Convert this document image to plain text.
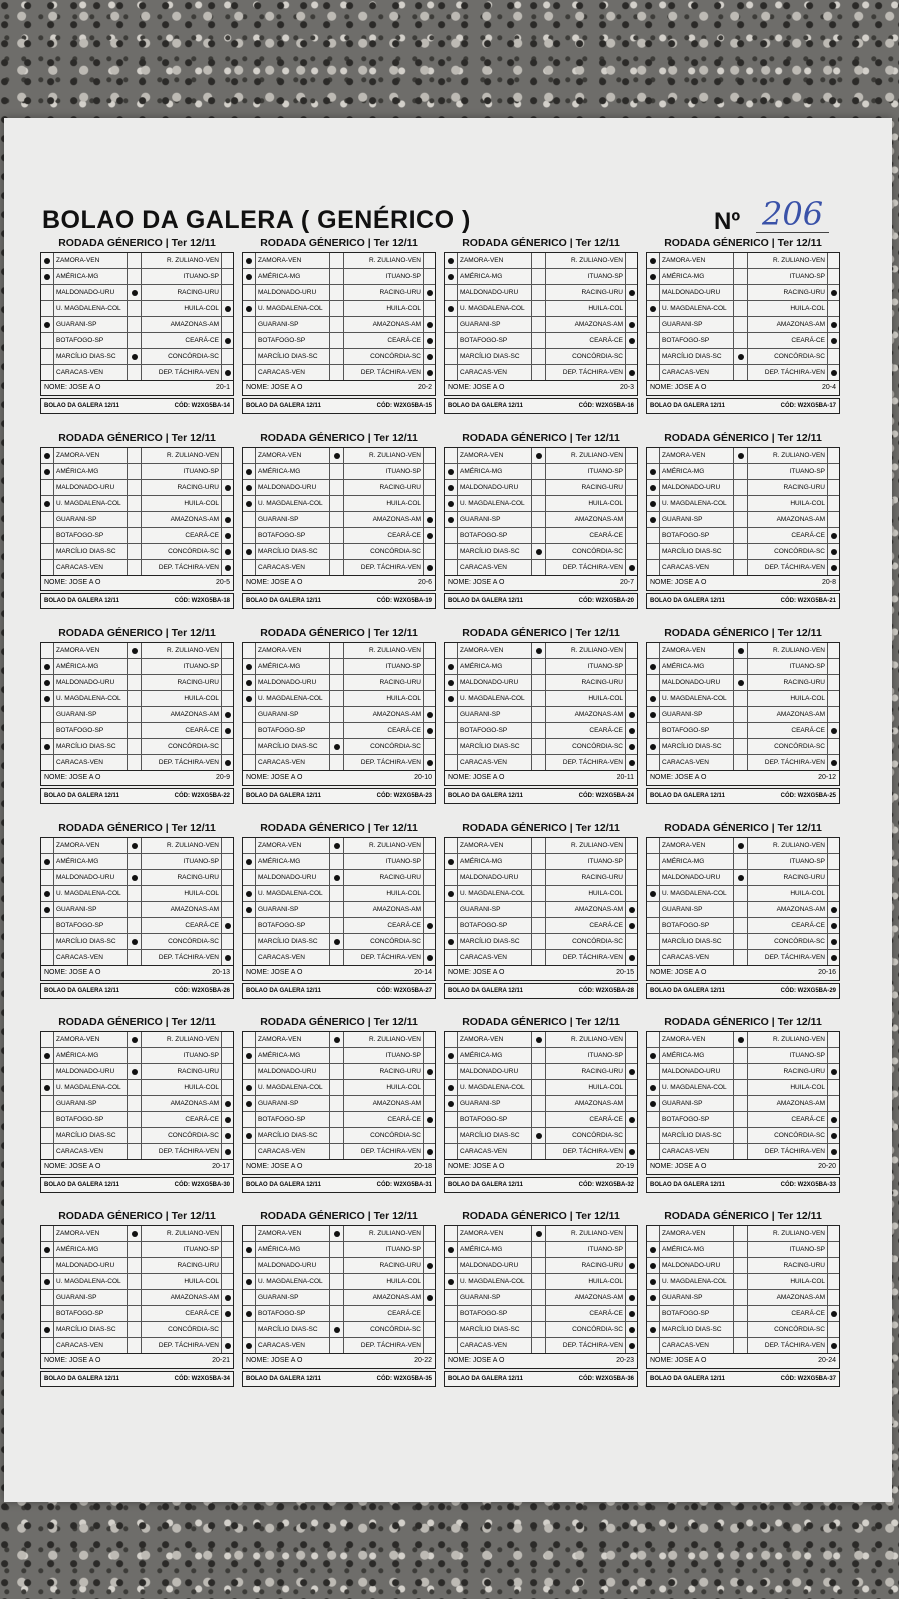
BOLAO DA GALERA ( GENÉRICO )	Nº 206
RODADA GÉNERICO | Ter 12/11
ZAMORA-VEN	R. ZULIANO-VEN
AMÉRICA-MG	ITUANO-SP
MALDONADO-URU	RACING-URU
U. MAGDALENA-COL	HUILA-COL
GUARANI-SP	AMAZONAS-AM
BOTAFOGO-SP	CEARÁ-CE
MARCÍLIO DIAS-SC	CONCÓRDIA-SC
CARACAS-VEN	DEP. TÁCHIRA-VEN
NOME: JOSE A O	20-1
BOLAO DA GALERA 12/11	CÓD: W2XG5BA-14
RODADA GÉNERICO | Ter 12/11
ZAMORA-VEN	R. ZULIANO-VEN
AMÉRICA-MG	ITUANO-SP
MALDONADO-URU	RACING-URU
U. MAGDALENA-COL	HUILA-COL
GUARANI-SP	AMAZONAS-AM
BOTAFOGO-SP	CEARÁ-CE
MARCÍLIO DIAS-SC	CONCÓRDIA-SC
CARACAS-VEN	DEP. TÁCHIRA-VEN
NOME: JOSE A O	20-2
BOLAO DA GALERA 12/11	CÓD: W2XG5BA-15
RODADA GÉNERICO | Ter 12/11
ZAMORA-VEN	R. ZULIANO-VEN
AMÉRICA-MG	ITUANO-SP
MALDONADO-URU	RACING-URU
U. MAGDALENA-COL	HUILA-COL
GUARANI-SP	AMAZONAS-AM
BOTAFOGO-SP	CEARÁ-CE
MARCÍLIO DIAS-SC	CONCÓRDIA-SC
CARACAS-VEN	DEP. TÁCHIRA-VEN
NOME: JOSE A O	20-3
BOLAO DA GALERA 12/11	CÓD: W2XG5BA-16
RODADA GÉNERICO | Ter 12/11
ZAMORA-VEN	R. ZULIANO-VEN
AMÉRICA-MG	ITUANO-SP
MALDONADO-URU	RACING-URU
U. MAGDALENA-COL	HUILA-COL
GUARANI-SP	AMAZONAS-AM
BOTAFOGO-SP	CEARÁ-CE
MARCÍLIO DIAS-SC	CONCÓRDIA-SC
CARACAS-VEN	DEP. TÁCHIRA-VEN
NOME: JOSE A O	20-4
BOLAO DA GALERA 12/11	CÓD: W2XG5BA-17
RODADA GÉNERICO | Ter 12/11
ZAMORA-VEN	R. ZULIANO-VEN
AMÉRICA-MG	ITUANO-SP
MALDONADO-URU	RACING-URU
U. MAGDALENA-COL	HUILA-COL
GUARANI-SP	AMAZONAS-AM
BOTAFOGO-SP	CEARÁ-CE
MARCÍLIO DIAS-SC	CONCÓRDIA-SC
CARACAS-VEN	DEP. TÁCHIRA-VEN
NOME: JOSE A O	20-5
BOLAO DA GALERA 12/11	CÓD: W2XG5BA-18
RODADA GÉNERICO | Ter 12/11
ZAMORA-VEN	R. ZULIANO-VEN
AMÉRICA-MG	ITUANO-SP
MALDONADO-URU	RACING-URU
U. MAGDALENA-COL	HUILA-COL
GUARANI-SP	AMAZONAS-AM
BOTAFOGO-SP	CEARÁ-CE
MARCÍLIO DIAS-SC	CONCÓRDIA-SC
CARACAS-VEN	DEP. TÁCHIRA-VEN
NOME: JOSE A O	20-6
BOLAO DA GALERA 12/11	CÓD: W2XG5BA-19
RODADA GÉNERICO | Ter 12/11
ZAMORA-VEN	R. ZULIANO-VEN
AMÉRICA-MG	ITUANO-SP
MALDONADO-URU	RACING-URU
U. MAGDALENA-COL	HUILA-COL
GUARANI-SP	AMAZONAS-AM
BOTAFOGO-SP	CEARÁ-CE
MARCÍLIO DIAS-SC	CONCÓRDIA-SC
CARACAS-VEN	DEP. TÁCHIRA-VEN
NOME: JOSE A O	20-7
BOLAO DA GALERA 12/11	CÓD: W2XG5BA-20
RODADA GÉNERICO | Ter 12/11
ZAMORA-VEN	R. ZULIANO-VEN
AMÉRICA-MG	ITUANO-SP
MALDONADO-URU	RACING-URU
U. MAGDALENA-COL	HUILA-COL
GUARANI-SP	AMAZONAS-AM
BOTAFOGO-SP	CEARÁ-CE
MARCÍLIO DIAS-SC	CONCÓRDIA-SC
CARACAS-VEN	DEP. TÁCHIRA-VEN
NOME: JOSE A O	20-8
BOLAO DA GALERA 12/11	CÓD: W2XG5BA-21
RODADA GÉNERICO | Ter 12/11
ZAMORA-VEN	R. ZULIANO-VEN
AMÉRICA-MG	ITUANO-SP
MALDONADO-URU	RACING-URU
U. MAGDALENA-COL	HUILA-COL
GUARANI-SP	AMAZONAS-AM
BOTAFOGO-SP	CEARÁ-CE
MARCÍLIO DIAS-SC	CONCÓRDIA-SC
CARACAS-VEN	DEP. TÁCHIRA-VEN
NOME: JOSE A O	20-9
BOLAO DA GALERA 12/11	CÓD: W2XG5BA-22
RODADA GÉNERICO | Ter 12/11
ZAMORA-VEN	R. ZULIANO-VEN
AMÉRICA-MG	ITUANO-SP
MALDONADO-URU	RACING-URU
U. MAGDALENA-COL	HUILA-COL
GUARANI-SP	AMAZONAS-AM
BOTAFOGO-SP	CEARÁ-CE
MARCÍLIO DIAS-SC	CONCÓRDIA-SC
CARACAS-VEN	DEP. TÁCHIRA-VEN
NOME: JOSE A O	20-10
BOLAO DA GALERA 12/11	CÓD: W2XG5BA-23
RODADA GÉNERICO | Ter 12/11
ZAMORA-VEN	R. ZULIANO-VEN
AMÉRICA-MG	ITUANO-SP
MALDONADO-URU	RACING-URU
U. MAGDALENA-COL	HUILA-COL
GUARANI-SP	AMAZONAS-AM
BOTAFOGO-SP	CEARÁ-CE
MARCÍLIO DIAS-SC	CONCÓRDIA-SC
CARACAS-VEN	DEP. TÁCHIRA-VEN
NOME: JOSE A O	20-11
BOLAO DA GALERA 12/11	CÓD: W2XG5BA-24
RODADA GÉNERICO | Ter 12/11
ZAMORA-VEN	R. ZULIANO-VEN
AMÉRICA-MG	ITUANO-SP
MALDONADO-URU	RACING-URU
U. MAGDALENA-COL	HUILA-COL
GUARANI-SP	AMAZONAS-AM
BOTAFOGO-SP	CEARÁ-CE
MARCÍLIO DIAS-SC	CONCÓRDIA-SC
CARACAS-VEN	DEP. TÁCHIRA-VEN
NOME: JOSE A O	20-12
BOLAO DA GALERA 12/11	CÓD: W2XG5BA-25
RODADA GÉNERICO | Ter 12/11
ZAMORA-VEN	R. ZULIANO-VEN
AMÉRICA-MG	ITUANO-SP
MALDONADO-URU	RACING-URU
U. MAGDALENA-COL	HUILA-COL
GUARANI-SP	AMAZONAS-AM
BOTAFOGO-SP	CEARÁ-CE
MARCÍLIO DIAS-SC	CONCÓRDIA-SC
CARACAS-VEN	DEP. TÁCHIRA-VEN
NOME: JOSE A O	20-13
BOLAO DA GALERA 12/11	CÓD: W2XG5BA-26
RODADA GÉNERICO | Ter 12/11
ZAMORA-VEN	R. ZULIANO-VEN
AMÉRICA-MG	ITUANO-SP
MALDONADO-URU	RACING-URU
U. MAGDALENA-COL	HUILA-COL
GUARANI-SP	AMAZONAS-AM
BOTAFOGO-SP	CEARÁ-CE
MARCÍLIO DIAS-SC	CONCÓRDIA-SC
CARACAS-VEN	DEP. TÁCHIRA-VEN
NOME: JOSE A O	20-14
BOLAO DA GALERA 12/11	CÓD: W2XG5BA-27
RODADA GÉNERICO | Ter 12/11
ZAMORA-VEN	R. ZULIANO-VEN
AMÉRICA-MG	ITUANO-SP
MALDONADO-URU	RACING-URU
U. MAGDALENA-COL	HUILA-COL
GUARANI-SP	AMAZONAS-AM
BOTAFOGO-SP	CEARÁ-CE
MARCÍLIO DIAS-SC	CONCÓRDIA-SC
CARACAS-VEN	DEP. TÁCHIRA-VEN
NOME: JOSE A O	20-15
BOLAO DA GALERA 12/11	CÓD: W2XG5BA-28
RODADA GÉNERICO | Ter 12/11
ZAMORA-VEN	R. ZULIANO-VEN
AMÉRICA-MG	ITUANO-SP
MALDONADO-URU	RACING-URU
U. MAGDALENA-COL	HUILA-COL
GUARANI-SP	AMAZONAS-AM
BOTAFOGO-SP	CEARÁ-CE
MARCÍLIO DIAS-SC	CONCÓRDIA-SC
CARACAS-VEN	DEP. TÁCHIRA-VEN
NOME: JOSE A O	20-16
BOLAO DA GALERA 12/11	CÓD: W2XG5BA-29
RODADA GÉNERICO | Ter 12/11
ZAMORA-VEN	R. ZULIANO-VEN
AMÉRICA-MG	ITUANO-SP
MALDONADO-URU	RACING-URU
U. MAGDALENA-COL	HUILA-COL
GUARANI-SP	AMAZONAS-AM
BOTAFOGO-SP	CEARÁ-CE
MARCÍLIO DIAS-SC	CONCÓRDIA-SC
CARACAS-VEN	DEP. TÁCHIRA-VEN
NOME: JOSE A O	20-17
BOLAO DA GALERA 12/11	CÓD: W2XG5BA-30
RODADA GÉNERICO | Ter 12/11
ZAMORA-VEN	R. ZULIANO-VEN
AMÉRICA-MG	ITUANO-SP
MALDONADO-URU	RACING-URU
U. MAGDALENA-COL	HUILA-COL
GUARANI-SP	AMAZONAS-AM
BOTAFOGO-SP	CEARÁ-CE
MARCÍLIO DIAS-SC	CONCÓRDIA-SC
CARACAS-VEN	DEP. TÁCHIRA-VEN
NOME: JOSE A O	20-18
BOLAO DA GALERA 12/11	CÓD: W2XG5BA-31
RODADA GÉNERICO | Ter 12/11
ZAMORA-VEN	R. ZULIANO-VEN
AMÉRICA-MG	ITUANO-SP
MALDONADO-URU	RACING-URU
U. MAGDALENA-COL	HUILA-COL
GUARANI-SP	AMAZONAS-AM
BOTAFOGO-SP	CEARÁ-CE
MARCÍLIO DIAS-SC	CONCÓRDIA-SC
CARACAS-VEN	DEP. TÁCHIRA-VEN
NOME: JOSE A O	20-19
BOLAO DA GALERA 12/11	CÓD: W2XG5BA-32
RODADA GÉNERICO | Ter 12/11
ZAMORA-VEN	R. ZULIANO-VEN
AMÉRICA-MG	ITUANO-SP
MALDONADO-URU	RACING-URU
U. MAGDALENA-COL	HUILA-COL
GUARANI-SP	AMAZONAS-AM
BOTAFOGO-SP	CEARÁ-CE
MARCÍLIO DIAS-SC	CONCÓRDIA-SC
CARACAS-VEN	DEP. TÁCHIRA-VEN
NOME: JOSE A O	20-20
BOLAO DA GALERA 12/11	CÓD: W2XG5BA-33
RODADA GÉNERICO | Ter 12/11
ZAMORA-VEN	R. ZULIANO-VEN
AMÉRICA-MG	ITUANO-SP
MALDONADO-URU	RACING-URU
U. MAGDALENA-COL	HUILA-COL
GUARANI-SP	AMAZONAS-AM
BOTAFOGO-SP	CEARÁ-CE
MARCÍLIO DIAS-SC	CONCÓRDIA-SC
CARACAS-VEN	DEP. TÁCHIRA-VEN
NOME: JOSE A O	20-21
BOLAO DA GALERA 12/11	CÓD: W2XG5BA-34
RODADA GÉNERICO | Ter 12/11
ZAMORA-VEN	R. ZULIANO-VEN
AMÉRICA-MG	ITUANO-SP
MALDONADO-URU	RACING-URU
U. MAGDALENA-COL	HUILA-COL
GUARANI-SP	AMAZONAS-AM
BOTAFOGO-SP	CEARÁ-CE
MARCÍLIO DIAS-SC	CONCÓRDIA-SC
CARACAS-VEN	DEP. TÁCHIRA-VEN
NOME: JOSE A O	20-22
BOLAO DA GALERA 12/11	CÓD: W2XG5BA-35
RODADA GÉNERICO | Ter 12/11
ZAMORA-VEN	R. ZULIANO-VEN
AMÉRICA-MG	ITUANO-SP
MALDONADO-URU	RACING-URU
U. MAGDALENA-COL	HUILA-COL
GUARANI-SP	AMAZONAS-AM
BOTAFOGO-SP	CEARÁ-CE
MARCÍLIO DIAS-SC	CONCÓRDIA-SC
CARACAS-VEN	DEP. TÁCHIRA-VEN
NOME: JOSE A O	20-23
BOLAO DA GALERA 12/11	CÓD: W2XG5BA-36
RODADA GÉNERICO | Ter 12/11
ZAMORA-VEN	R. ZULIANO-VEN
AMÉRICA-MG	ITUANO-SP
MALDONADO-URU	RACING-URU
U. MAGDALENA-COL	HUILA-COL
GUARANI-SP	AMAZONAS-AM
BOTAFOGO-SP	CEARÁ-CE
MARCÍLIO DIAS-SC	CONCÓRDIA-SC
CARACAS-VEN	DEP. TÁCHIRA-VEN
NOME: JOSE A O	20-24
BOLAO DA GALERA 12/11	CÓD: W2XG5BA-37
